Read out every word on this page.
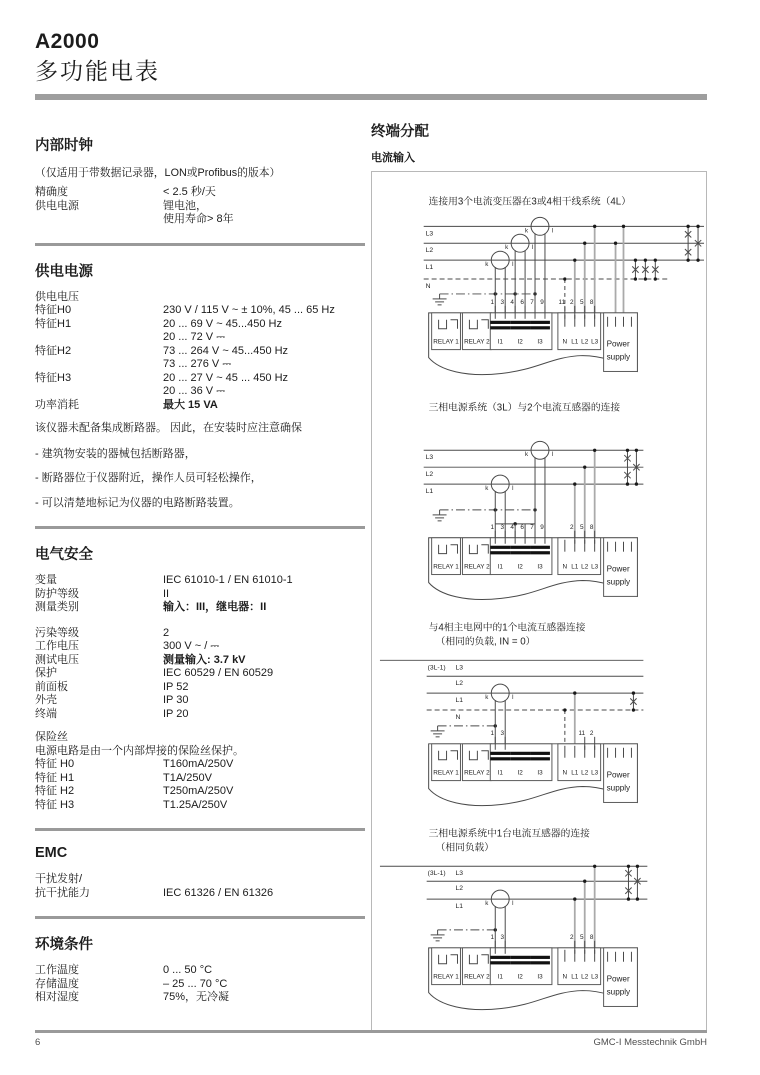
A2000
多功能电表
内部时钟
（仅适用于带数据记录器，LON或Profibus的版本）
精确度	< 2.5 秒/天
供电电源	锂电池，
使用寿命> 8年
供电电源
供电电压
特征H0	230 V / 115 V ~ ± 10%, 45 ... 65 Hz
特征H1	20 ... 69 V ~ 45...450 Hz
20 ... 72 V ⎓
特征H2	73 ... 264 V ~ 45...450 Hz
73 ... 276 V ⎓
特征H3	20 ... 27 V ~ 45 ... 450 Hz
20 ... 36 V ⎓
功率消耗	最大 15 VA
该仪器未配备集成断路器。 因此，在安装时应注意确保
- 建筑物安装的器械包括断路器，
- 断路器位于仪器附近，操作人员可轻松操作，
- 可以清楚地标记为仪器的电路断路装置。
电气安全
变量	IEC 61010-1 / EN 61010-1
防护等级	II
测量类别	输入：III，继电器：II
污染等级	2
工作电压	300 V ~ / ⎓
测试电压	测量输入: 3.7 kV
保护	IEC 60529 / EN 60529
前面板	IP 52
外壳	IP 30
终端	IP 20
保险丝
电源电路是由一个内部焊接的保险丝保护。
特征 H0	T160mA/250V
特征 H1	T1A/250V
特征 H2	T250mA/250V
特征 H3	T1.25A/250V
EMC
干扰发射/
抗干扰能力	IEC 61326 / EN 61326
环境条件
工作温度	0 ... 50 °C
存储温度	– 25 ... 70 °C
相对湿度	75%，无冷凝
终端分配
电流输入
连接用3个电流变压器在3或4相干线系统（4L）
L3
L2
L1
N
k	l
k	l
k	l
RELAY 1 RELAY 2 I1 I2 I3	N L1 L2 L3 Power
supply
1 3 4 6 7 9 11 2 5 8
三相电源系统（3L）与2个电流互感器的连接
L3
L2
L1
k	l
k	l
RELAY 1 RELAY 2 I1 I2 I3	N L1 L2 L3 Power
supply
1 3 4 6 7 9	2 5 8
与4相主电网中的1个电流互感器连接
（相同的负载, IN = 0）
L3
L2
L1
N
(3L-1)
k	l
RELAY 1 RELAY 2 I1 I2 I3	N L1 L2 L3 Power
supply
1 3	11 2
三相电源系统中1台电流互感器的连接
（相同负载）
L3
L2
L1
(3L-1)
k	l
RELAY 1 RELAY 2 I1 I2 I3	N L1 L2 L3 Power
supply
1 3	2 5 8
6	GMC-I Messtechnik GmbH
